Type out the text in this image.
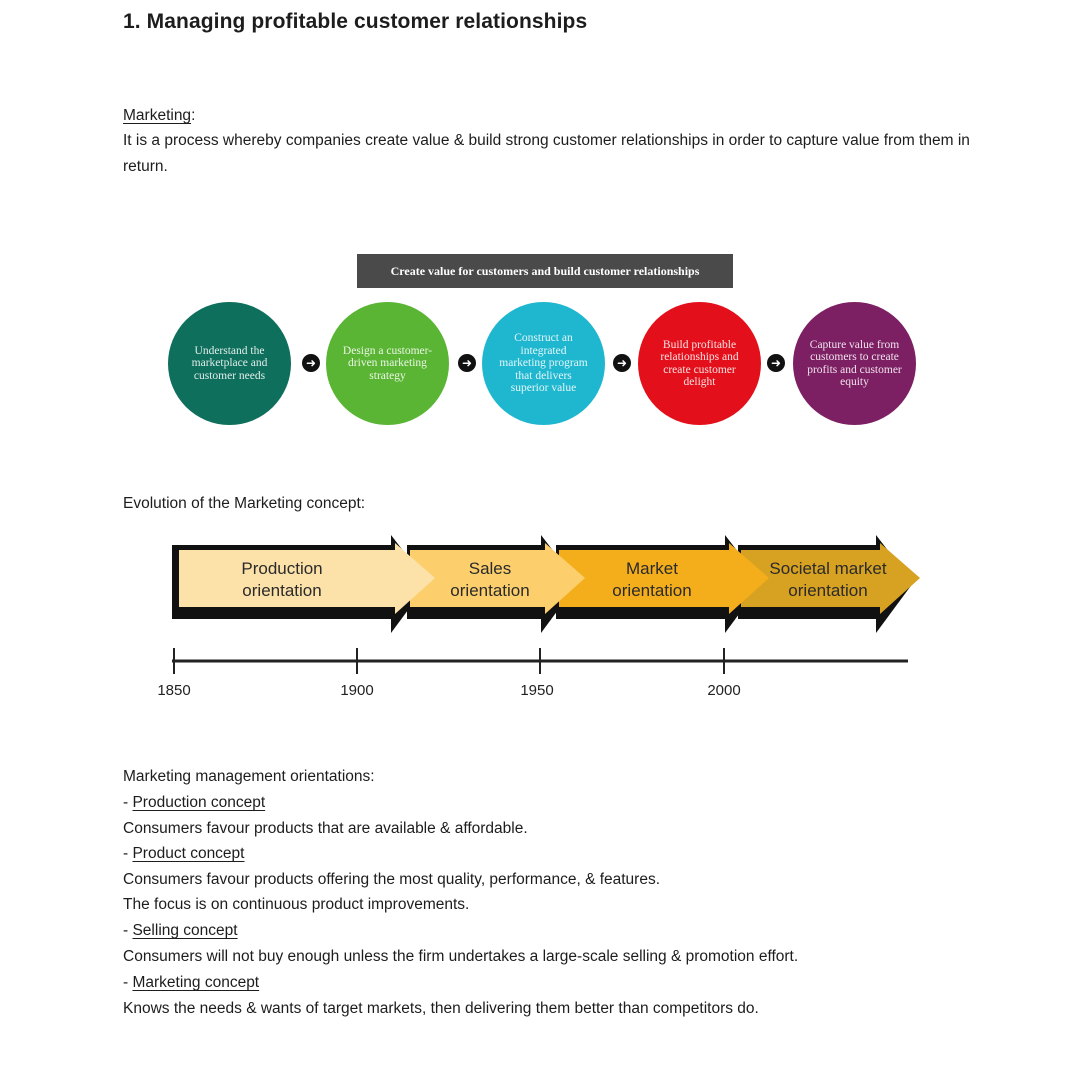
1. Managing profitable customer relationships
Marketing:
It is a process whereby companies create value & build strong customer relationships in order to capture value from them in return.
Create value for customers and build customer relationships
Understand the marketplace and customer needs
➜
Design a customer-driven marketing strategy
➜
Construct an integrated marketing program that delivers superior value
➜
Build profitable relationships and create customer delight
➜
Capture value from customers to create profits and customer equity
Evolution of the Marketing concept:
Production
orientation
Sales
orientation
Market
orientation
Societal market
orientation
1850	1900	1950	2000
Marketing management orientations:
- Production concept
Consumers favour products that are available & affordable.
- Product concept
Consumers favour products offering the most quality, performance, & features.
The focus is on continuous product improvements.
- Selling concept
Consumers will not buy enough unless the firm undertakes a large-scale selling & promotion effort.
- Marketing concept
Knows the needs & wants of target markets, then delivering them better than competitors do.
